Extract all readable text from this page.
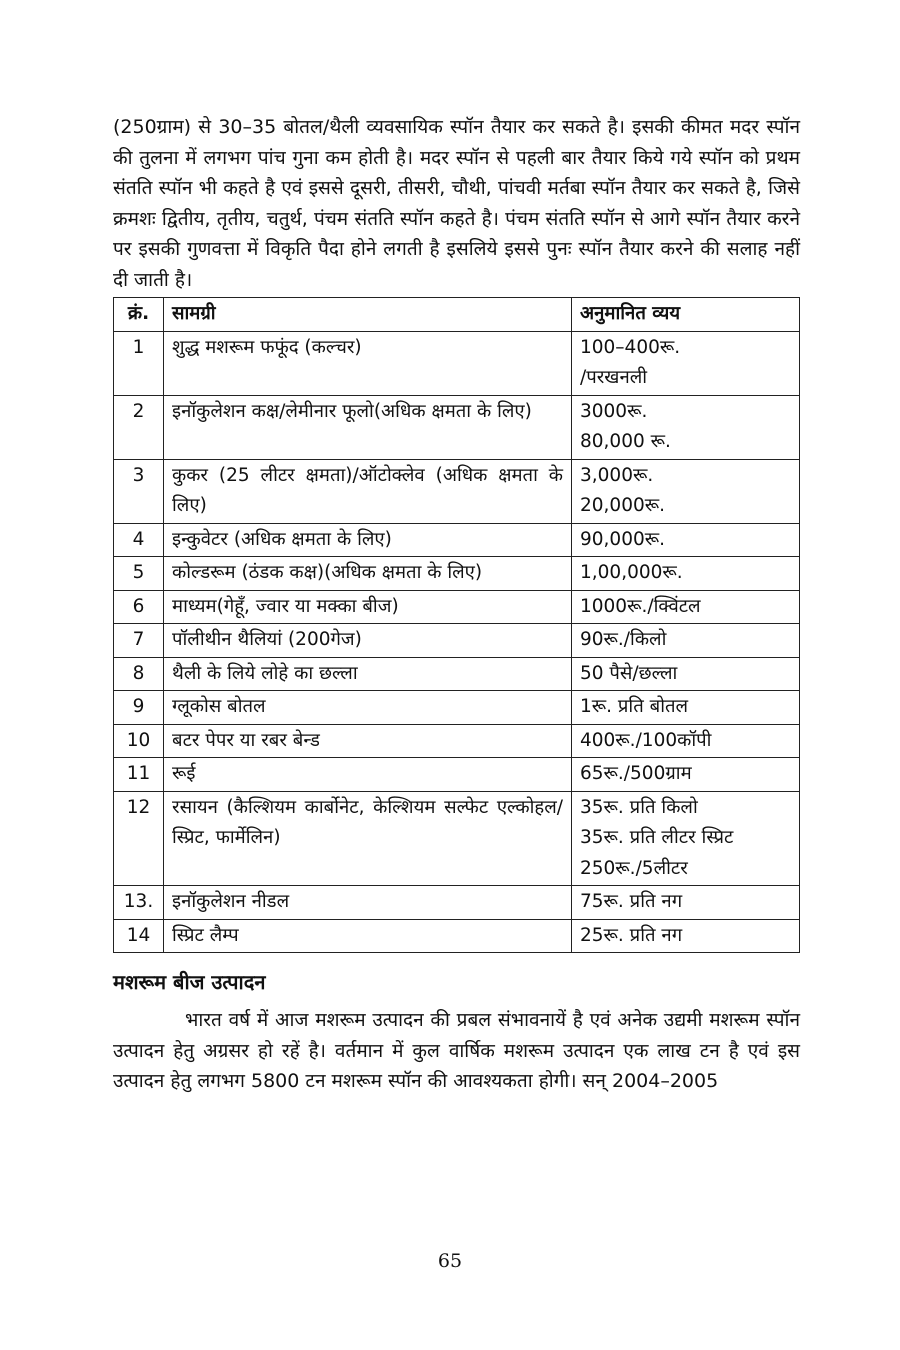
(250ग्राम) से 30–35 बोतल/थैली व्यवसायिक स्पॉन तैयार कर सकते है। इसकी कीमत मदर स्पॉन की तुलना में लगभग पांच गुना कम होती है। मदर स्पॉन से पहली बार तैयार किये गये स्पॉन को प्रथम संतति स्पॉन भी कहते है एवं इससे दूसरी, तीसरी, चौथी, पांचवी मर्तबा स्पॉन तैयार कर सकते है, जिसे क्रमशः द्वितीय, तृतीय, चतुर्थ, पंचम संतति स्पॉन कहते है। पंचम संतति स्पॉन से आगे स्पॉन तैयार करने पर इसकी गुणवत्ता में विकृति पैदा होने लगती है इसलिये इससे पुनः स्पॉन तैयार करने की सलाह नहीं दी जाती है।

क्रं.	सामग्री	अनुमानित व्यय
1	शुद्ध मशरूम फफूंद (कल्चर)	100–400रू.
/परखनली

2	इनॉकुलेशन कक्ष/लेमीनार फूलो(अधिक क्षमता के लिए)	3000रू.
80,000 रू.

3	कुकर (25 लीटर क्षमता)/ऑटोक्लेव (अधिक क्षमता के लिए)	3,000रू.
20,000रू.

4	इन्कुवेटर (अधिक क्षमता के लिए)	90,000रू.

5	कोल्डरूम (ठंडक कक्ष)(अधिक क्षमता के लिए)	1,00,000रू.

6	माध्यम(गेहूँ, ज्वार या मक्का बीज)	1000रू./क्विंटल

7	पॉलीथीन थैलियां (200गेज)	90रू./किलो

8	थैली के लिये लोहे का छल्ला	50 पैसे/छल्ला

9	ग्लूकोस बोतल	1रू. प्रति बोतल

10	बटर पेपर या रबर बेन्ड	400रू./100कॉपी

11	रूई	65रू./500ग्राम

12	रसायन (कैल्शियम कार्बोनेट, केल्शियम सल्फेट एल्कोहल/स्प्रिट, फार्मेलिन)	35रू. प्रति किलो
35रू. प्रति लीटर स्प्रिट
250रू./5लीटर

13.	इनॉकुलेशन नीडल	75रू. प्रति नग

14	स्प्रिट लैम्प	25रू. प्रति नग
मशरूम बीज उत्पादन

भारत वर्ष में आज मशरूम उत्पादन की प्रबल संभावनायें है एवं अनेक उद्यमी मशरूम स्पॉन उत्पादन हेतु अग्रसर हो रहें है। वर्तमान में कुल वार्षिक मशरूम उत्पादन एक लाख टन है एवं इस उत्पादन हेतु लगभग 5800 टन मशरूम स्पॉन की आवश्यकता होगी। सन् 2004–2005

65
